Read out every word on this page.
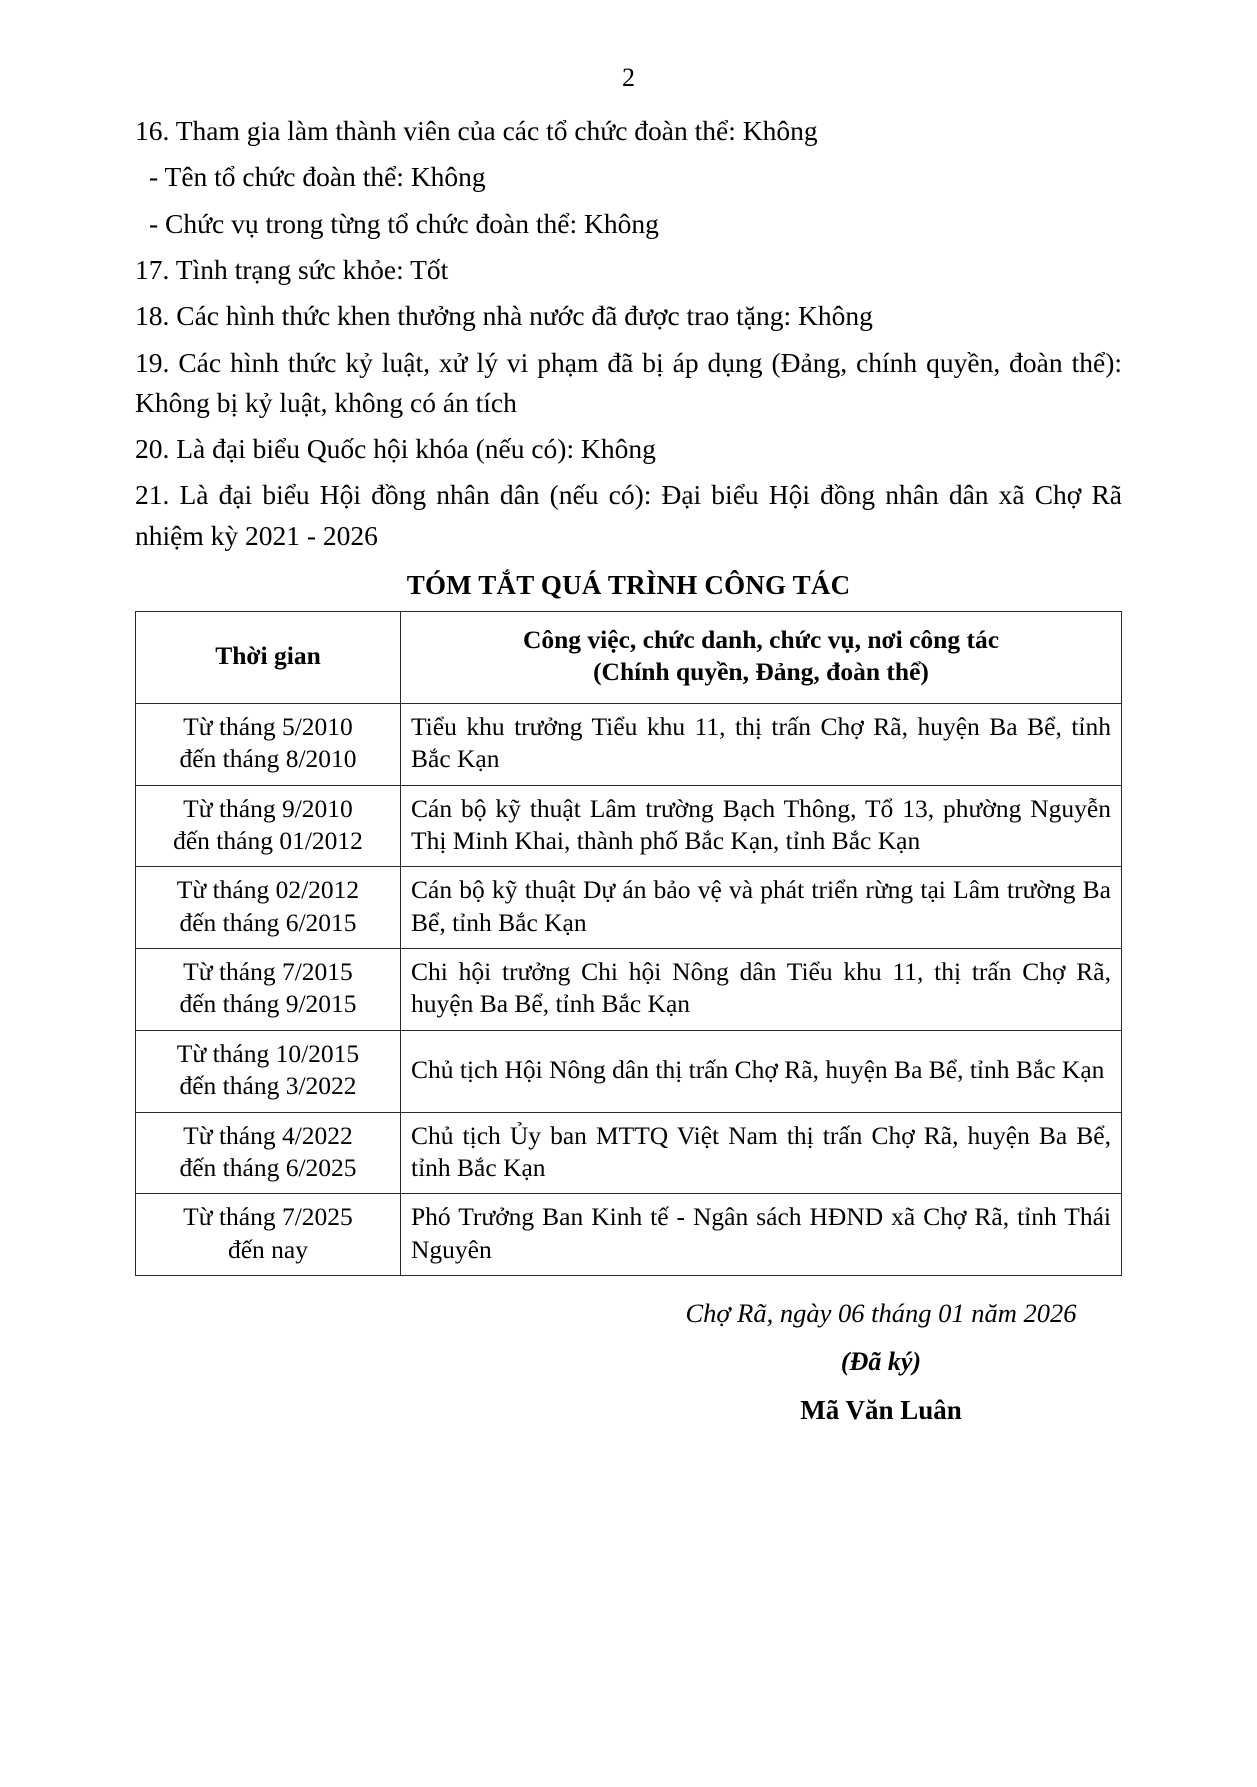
2

16. Tham gia làm thành viên của các tổ chức đoàn thể: Không

- Tên tổ chức đoàn thể: Không

- Chức vụ trong từng tổ chức đoàn thể: Không

17. Tình trạng sức khỏe: Tốt

18. Các hình thức khen thưởng nhà nước đã được trao tặng: Không

19. Các hình thức kỷ luật, xử lý vi phạm đã bị áp dụng (Đảng, chính quyền, đoàn thể): Không bị kỷ luật, không có án tích

20. Là đại biểu Quốc hội khóa (nếu có): Không

21. Là đại biểu Hội đồng nhân dân (nếu có): Đại biểu Hội đồng nhân dân xã Chợ Rã nhiệm kỳ 2021 - 2026

TÓM TẮT QUÁ TRÌNH CÔNG TÁC
Thời gian	Công việc, chức danh, chức vụ, nơi công tác
(Chính quyền, Đảng, đoàn thể)

Từ tháng 5/2010
đến tháng 8/2010	Tiểu khu trưởng Tiểu khu 11, thị trấn Chợ Rã, huyện Ba Bể, tỉnh Bắc Kạn

Từ tháng 9/2010
đến tháng 01/2012	Cán bộ kỹ thuật Lâm trường Bạch Thông, Tổ 13, phường Nguyễn Thị Minh Khai, thành phố Bắc Kạn, tỉnh Bắc Kạn

Từ tháng 02/2012
đến tháng 6/2015	Cán bộ kỹ thuật Dự án bảo vệ và phát triển rừng tại Lâm trường Ba Bể, tỉnh Bắc Kạn

Từ tháng 7/2015
đến tháng 9/2015	Chi hội trưởng Chi hội Nông dân Tiểu khu 11, thị trấn Chợ Rã, huyện Ba Bể, tỉnh Bắc Kạn

Từ tháng 10/2015
đến tháng 3/2022	Chủ tịch Hội Nông dân thị trấn Chợ Rã, huyện Ba Bể, tỉnh Bắc Kạn

Từ tháng 4/2022
đến tháng 6/2025	Chủ tịch Ủy ban MTTQ Việt Nam thị trấn Chợ Rã, huyện Ba Bể, tỉnh Bắc Kạn

Từ tháng 7/2025
đến nay	Phó Trưởng Ban Kinh tế - Ngân sách HĐND xã Chợ Rã, tỉnh Thái Nguyên
Chợ Rã, ngày 06 tháng 01 năm 2026
(Đã ký)
Mã Văn Luân
